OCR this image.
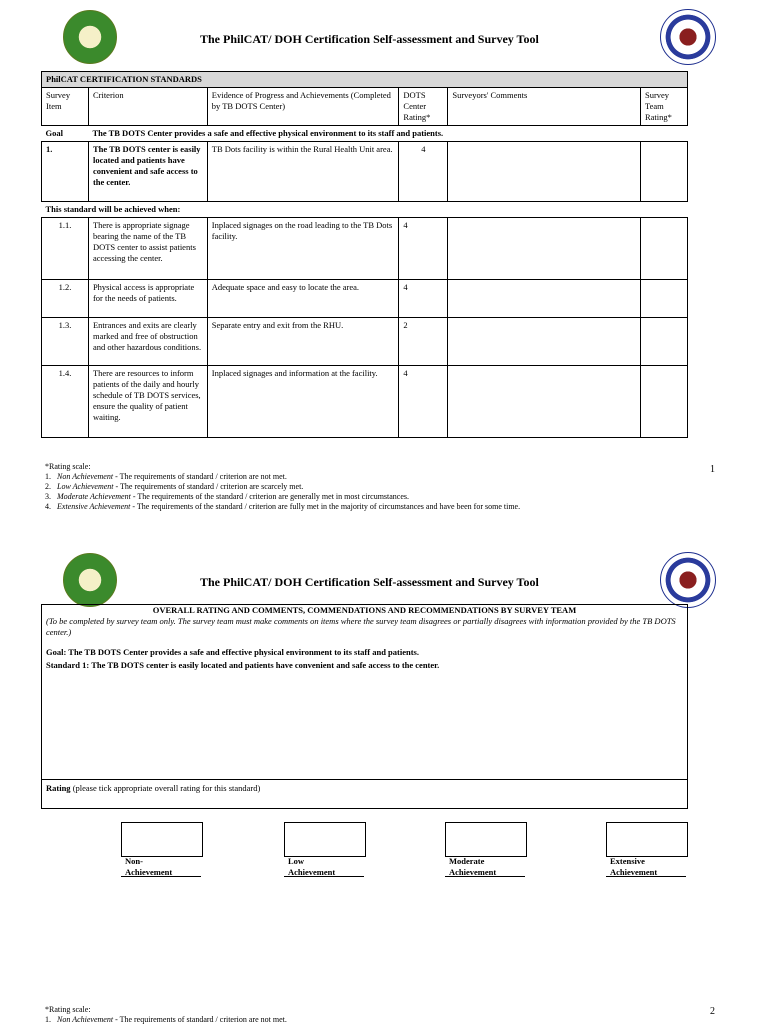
The PhilCAT/ DOH Certification Self-assessment and Survey Tool
PhilCAT CERTIFICATION STANDARDS					
Survey Item	Criterion	Evidence of Progress and Achievements (Completed by TB DOTS Center)	DOTS Center Rating*	Surveyors' Comments	Survey Team Rating*
Goal	The TB DOTS Center provides a safe and effective physical environment to its staff and patients.				
1.	The TB DOTS center is easily located and patients have convenient and safe access to the center.	TB Dots facility is within the Rural Health Unit area.	4		
This standard will be achieved when:					
1.1.	There is appropriate signage bearing the name of the TB DOTS center to assist patients accessing the center.	Inplaced signages on the road leading to the TB Dots facility.	4		
1.2.	Physical access is appropriate for the needs of patients.	Adequate space and easy to locate the area.	4		
1.3.	Entrances and exits are clearly marked and free of obstruction and other hazardous conditions.	Separate entry and exit from the RHU.	2		
1.4.	There are resources to inform patients of the daily and hourly schedule of TB DOTS services, ensure the quality of patient waiting.	Inplaced signages and information at the facility.	4		
*Rating scale:
1. Non Achievement - The requirements of standard / criterion are not met.
2. Low Achievement - The requirements of standard / criterion are scarcely met.
3. Moderate Achievement - The requirements of the standard / criterion are generally met in most circumstances.
4. Extensive Achievement - The requirements of the standard / criterion are fully met in the majority of circumstances and have been for some time.
1
The PhilCAT/ DOH Certification Self-assessment and Survey Tool
OVERALL RATING AND COMMENTS, COMMENDATIONS AND RECOMMENDATIONS BY SURVEY TEAM
(To be completed by survey team only. The survey team must make comments on items where the survey team disagrees or partially disagrees with information provided by the TB DOTS center.)
Goal: The TB DOTS Center provides a safe and effective physical environment to its staff and patients.
Standard 1: The TB DOTS center is easily located and patients have convenient and safe access to the center.
Rating (please tick appropriate overall rating for this standard)
Non-
Achievement
Low
Achievement
Moderate
Achievement
Extensive
Achievement
*Rating scale:
1. Non Achievement - The requirements of standard / criterion are not met.
2
